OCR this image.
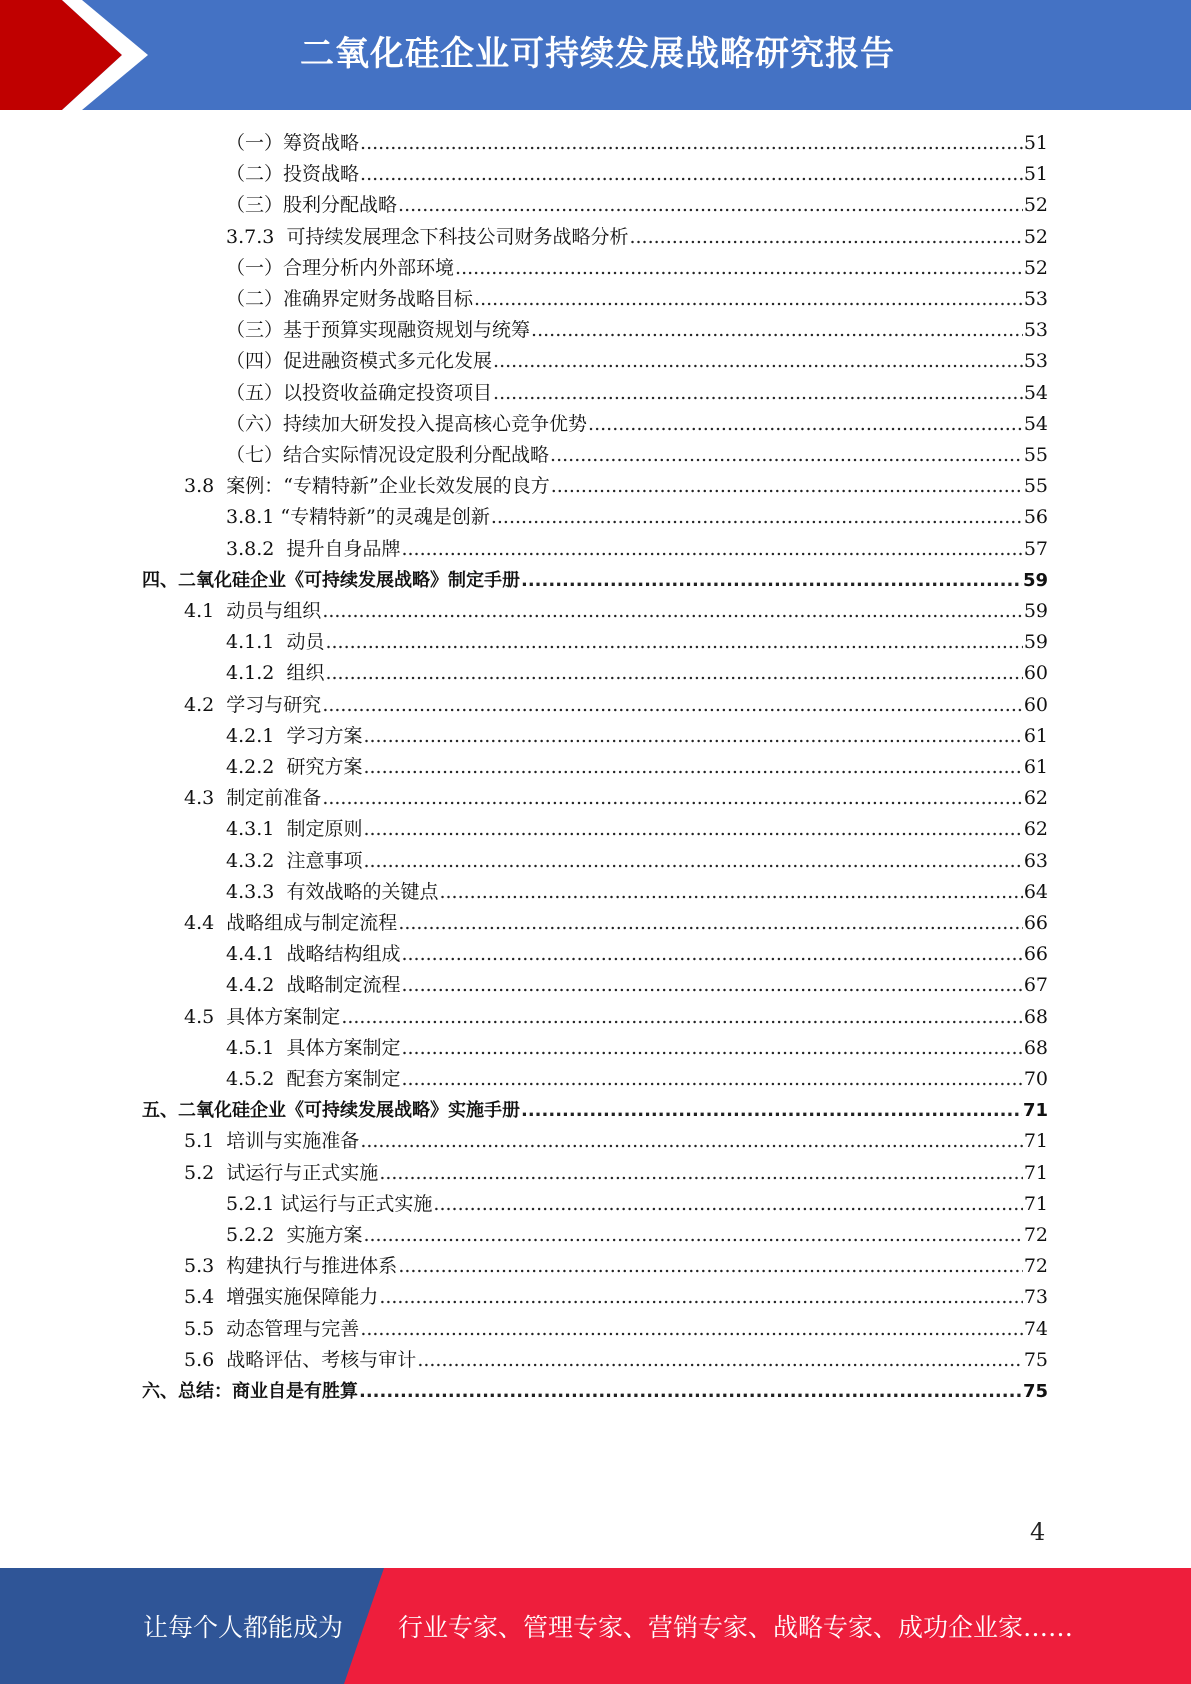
二氧化硅企业可持续发展战略研究报告
（一） 筹资战略 .....	51
（二） 投资战略 .....	51
（三） 股利分配战略 .....	52
3.7.3 可持续发展理念下科技公司财务战略分析 .....	52
（一） 合理分析内外部环境 .....	52
（二） 准确界定财务战略目标 .....	53
（三） 基于预算实现融资规划与统筹 .....	53
（四） 促进融资模式多元化发展 .....	53
（五） 以投资收益确定投资项目 .....	54
（六） 持续加大研发投入提高核心竞争优势 .....	54
（七） 结合实际情况设定股利分配战略 .....	55
3.8 案例：“专精特新”企业长效发展的良方 .....	55
3.8.1 “专精特新”的灵魂是创新 .....	56
3.8.2 提升自身品牌 .....	57
四、 二氧化硅企业《可持续发展战略》制定手册 .....	59
4.1 动员与组织 .....	59
4.1.1 动员 .....	59
4.1.2 组织 .....	60
4.2 学习与研究 .....	60
4.2.1 学习方案 .....	61
4.2.2 研究方案 .....	61
4.3 制定前准备 .....	62
4.3.1 制定原则 .....	62
4.3.2 注意事项 .....	63
4.3.3 有效战略的关键点 .....	64
4.4 战略组成与制定流程 .....	66
4.4.1 战略结构组成 .....	66
4.4.2 战略制定流程 .....	67
4.5 具体方案制定 .....	68
4.5.1 具体方案制定 .....	68
4.5.2 配套方案制定 .....	70
五、 二氧化硅企业《可持续发展战略》实施手册 .....	71
5.1 培训与实施准备 .....	71
5.2 试运行与正式实施 .....	71
5.2.1 试运行与正式实施 .....	71
5.2.2 实施方案 .....	72
5.3 构建执行与推进体系 .....	72
5.4 增强实施保障能力 .....	73
5.5 动态管理与完善 .....	74
5.6 战略评估、考核与审计 .....	75
六、 总结：商业自是有胜算 .....	75
4
让每个人都能成为 行业专家、管理专家、营销专家、战略专家、成功企业家……
